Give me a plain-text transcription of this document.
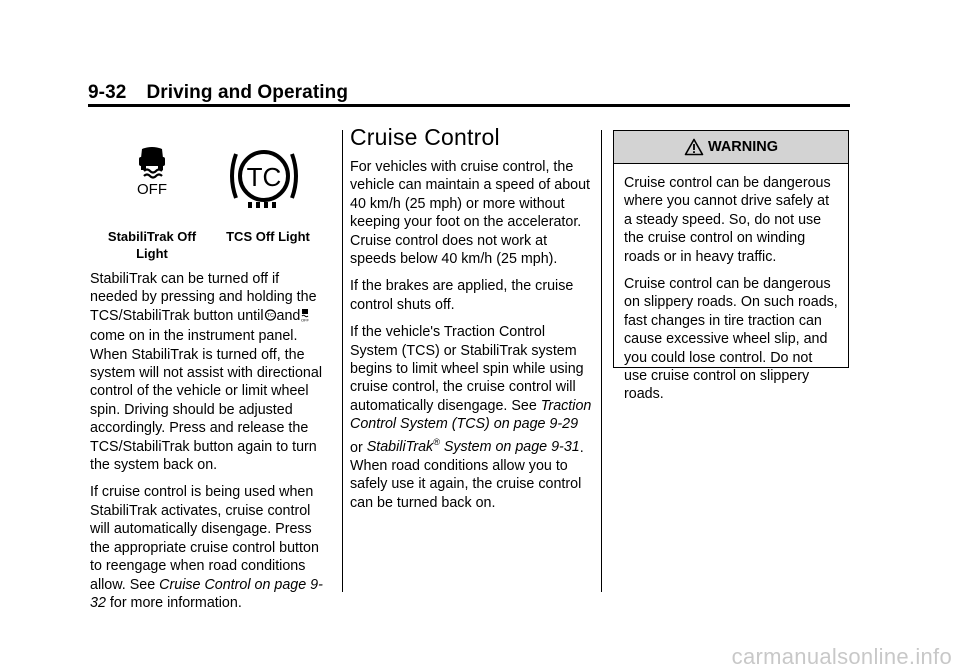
9-32 Driving and Operating
OFF
StabiliTrak Off
Light
TC
TCS Off Light

StabiliTrak can be turned off if needed by pressing and holding the TCS/StabiliTrak button until TC and OFF
come on in the instrument panel. When StabiliTrak is turned off, the system will not assist with directional control of the vehicle or limit wheel spin. Driving should be adjusted accordingly. Press and release the TCS/StabiliTrak button again to turn the system back on.

If cruise control is being used when StabiliTrak activates, cruise control will automatically disengage. Press the appropriate cruise control button to reengage when road conditions allow. See Cruise Control on page 9-32 for more information.

Cruise Control

For vehicles with cruise control, the vehicle can maintain a speed of about 40 km/h (25 mph) or more without keeping your foot on the accelerator. Cruise control does not work at speeds below 40 km/h (25 mph).

If the brakes are applied, the cruise control shuts off.

If the vehicle's Traction Control System (TCS) or StabiliTrak system begins to limit wheel spin while using cruise control, the cruise control will automatically disengage. See Traction Control System (TCS) on page 9-29 or StabiliTrak® System on page 9-31. When road conditions allow you to safely use it again, the cruise control can be turned back on.

WARNING

Cruise control can be dangerous where you cannot drive safely at a steady speed. So, do not use the cruise control on winding roads or in heavy traffic.

Cruise control can be dangerous on slippery roads. On such roads, fast changes in tire traction can cause excessive wheel slip, and you could lose control. Do not use cruise control on slippery roads.

carmanualsonline.info
